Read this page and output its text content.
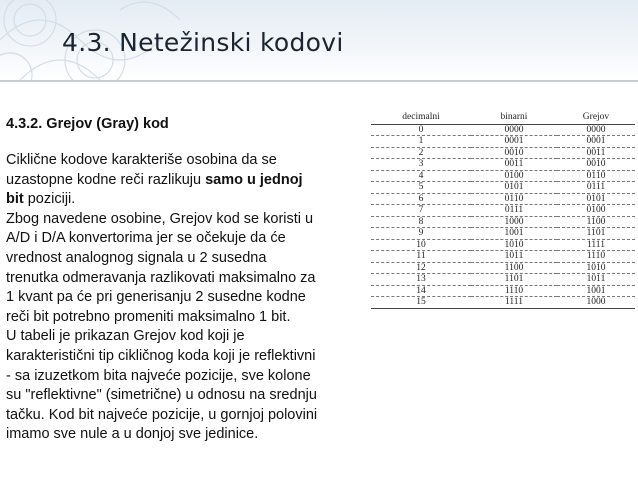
4.3. Netežinski kodovi
4.3.2. Grejov (Gray) kod

Ciklične kodove karakteriše osobina da se

uzastopne kodne reči razlikuju samo u jednoj

bit poziciji.

Zbog navedene osobine, Grejov kod se koristi u

A/D i D/A konvertorima jer se očekuje da će

vrednost analognog signala u 2 susedna

trenutka odmeravanja razlikovati maksimalno za

1 kvant pa će pri generisanju 2 susedne kodne

reči bit potrebno promeniti maksimalno 1 bit.

U tabeli je prikazan Grejov kod koji je

karakteristični tip cikličnog koda koji je reflektivni

- sa izuzetkom bita najveće pozicije, sve kolone

su "reflektivne" (simetrične) u odnosu na srednju

tačku. Kod bit najveće pozicije, u gornjoj polovini

imamo sve nule a u donjoj sve jedinice.

decimalni	binarni	Grejov
0	0000	0000
1	0001	0001
2	0010	0011
3	0011	0010
4	0100	0110
5	0101	0111
6	0110	0101
7	0111	0100
8	1000	1100
9	1001	1101
10	1010	1111
11	1011	1110
12	1100	1010
13	1101	1011
14	1110	1001
15	1111	1000
